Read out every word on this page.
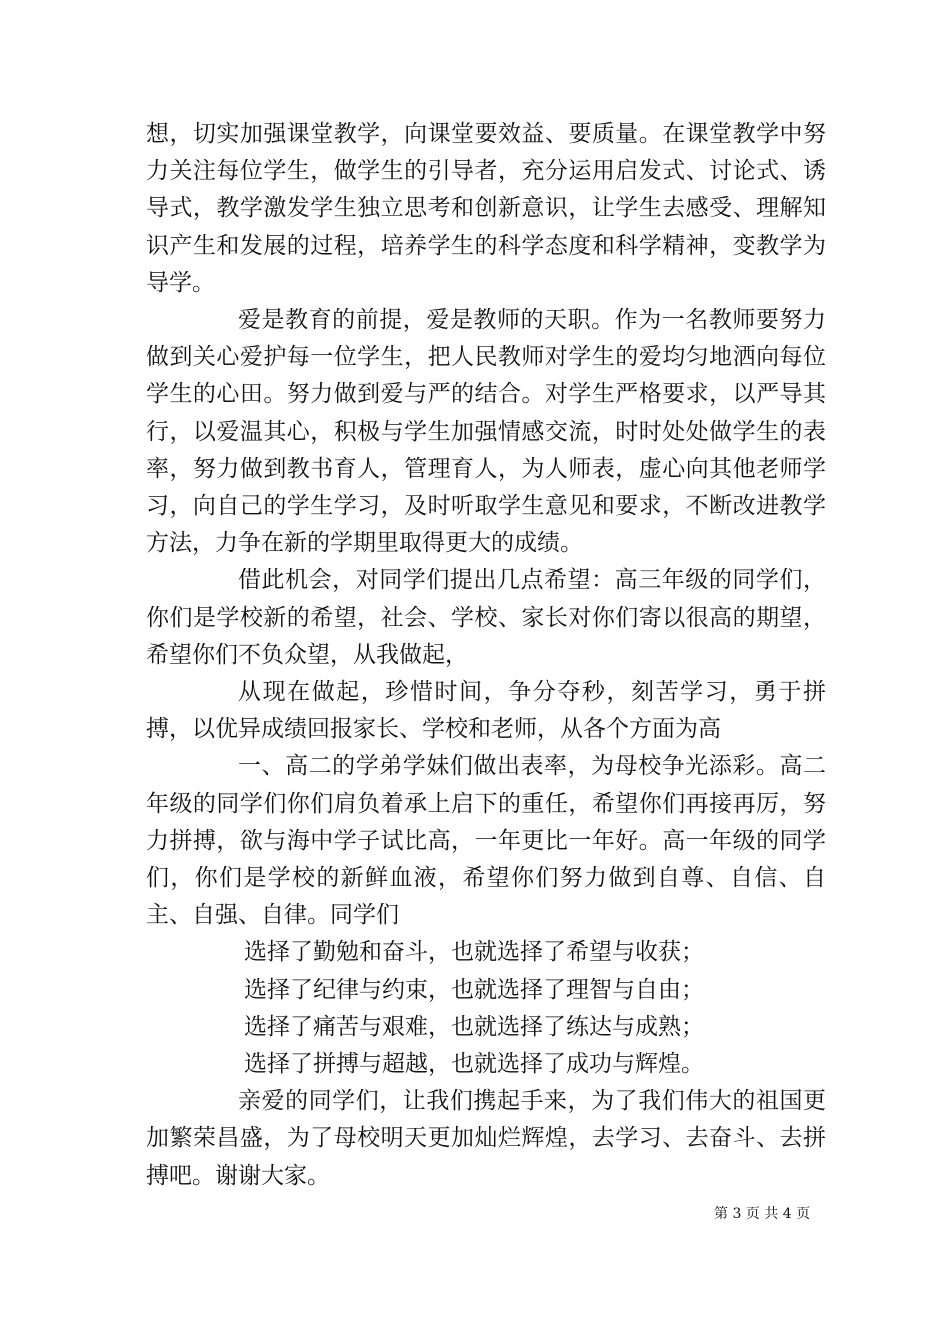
想，切实加强课堂教学，向课堂要效益、要质量。在课堂教学中努力关注每位学生，做学生的引导者，充分运用启发式、讨论式、诱导式，教学激发学生独立思考和创新意识，让学生去感受、理解知识产生和发展的过程，培养学生的科学态度和科学精神，变教学为导学。

爱是教育的前提，爱是教师的天职。作为一名教师要努力做到关心爱护每一位学生，把人民教师对学生的爱均匀地洒向每位学生的心田。努力做到爱与严的结合。对学生严格要求，以严导其行，以爱温其心，积极与学生加强情感交流，时时处处做学生的表率，努力做到教书育人，管理育人，为人师表，虚心向其他老师学习，向自己的学生学习，及时听取学生意见和要求，不断改进教学方法，力争在新的学期里取得更大的成绩。

借此机会，对同学们提出几点希望：高三年级的同学们，你们是学校新的希望，社会、学校、家长对你们寄以很高的期望，希望你们不负众望，从我做起，

从现在做起，珍惜时间，争分夺秒，刻苦学习，勇于拼搏，以优异成绩回报家长、学校和老师，从各个方面为高

一、高二的学弟学妹们做出表率，为母校争光添彩。高二年级的同学们你们肩负着承上启下的重任，希望你们再接再厉，努力拼搏，欲与海中学子试比高，一年更比一年好。高一年级的同学们，你们是学校的新鲜血液，希望你们努力做到自尊、自信、自主、自强、自律。同学们

选择了勤勉和奋斗，也就选择了希望与收获；

选择了纪律与约束，也就选择了理智与自由；

选择了痛苦与艰难，也就选择了练达与成熟；

选择了拼搏与超越，也就选择了成功与辉煌。

亲爱的同学们，让我们携起手来，为了我们伟大的祖国更加繁荣昌盛，为了母校明天更加灿烂辉煌，去学习、去奋斗、去拼搏吧。谢谢大家。

第 3 页 共 4 页
